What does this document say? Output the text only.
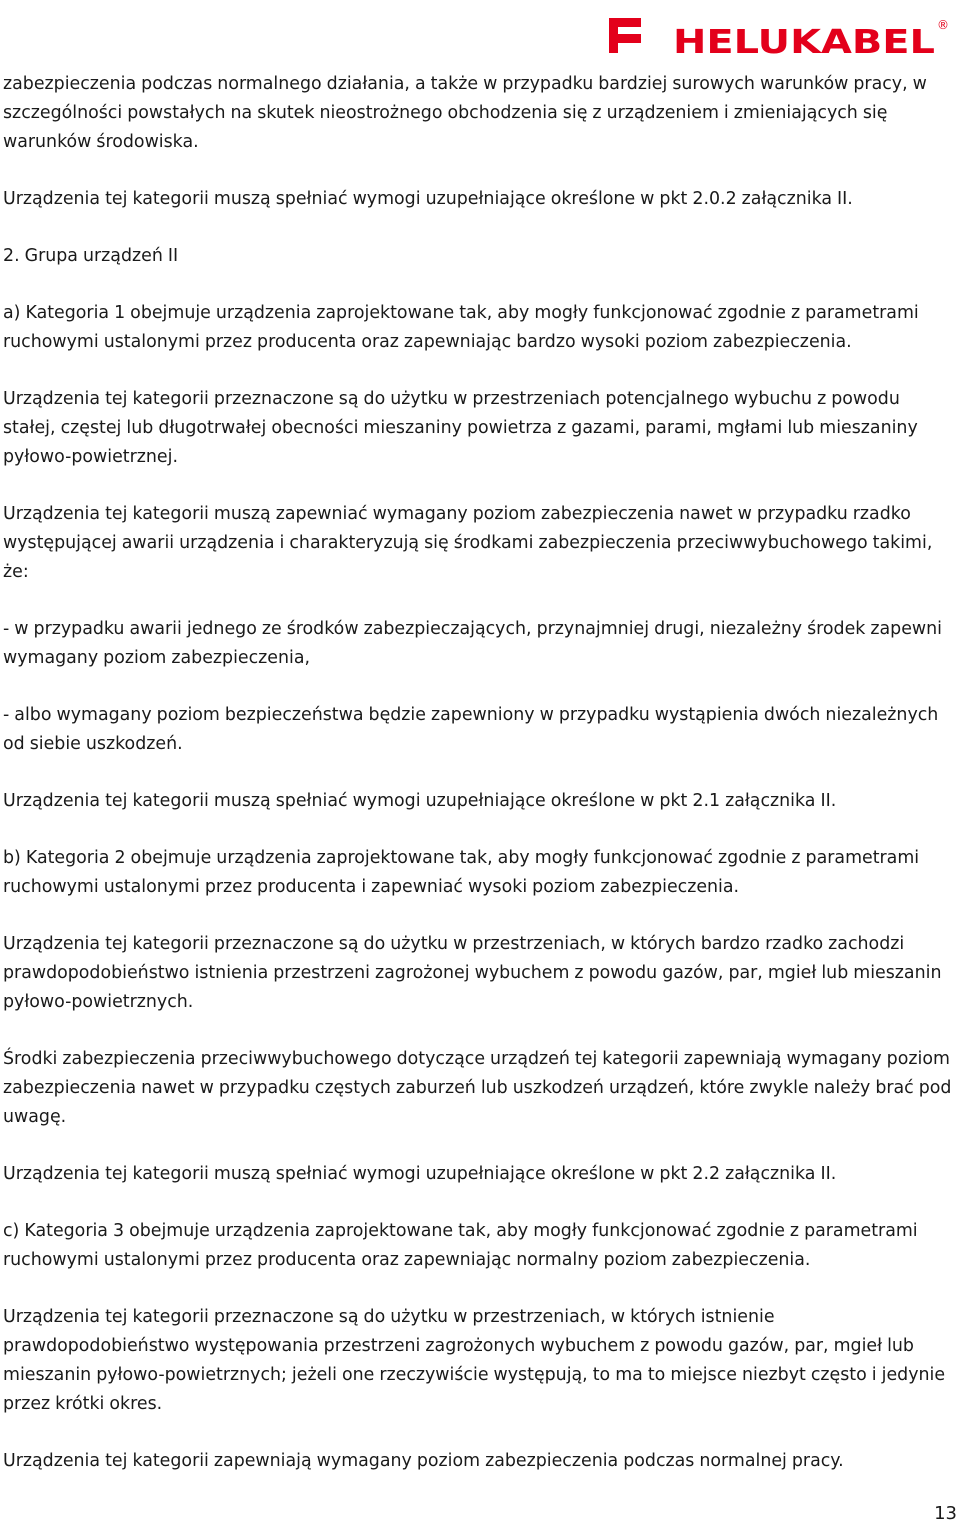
HELUKABEL ®

zabezpieczenia podczas normalnego działania, a także w przypadku bardziej surowych warunków pracy, w
szczególności powstałych na skutek nieostrożnego obchodzenia się z urządzeniem i zmieniających się
warunków środowiska.

Urządzenia tej kategorii muszą spełniać wymogi uzupełniające określone w pkt 2.0.2 załącznika II.

2. Grupa urządzeń II

a) Kategoria 1 obejmuje urządzenia zaprojektowane tak, aby mogły funkcjonować zgodnie z parametrami
ruchowymi ustalonymi przez producenta oraz zapewniając bardzo wysoki poziom zabezpieczenia.

Urządzenia tej kategorii przeznaczone są do użytku w przestrzeniach potencjalnego wybuchu z powodu
stałej, częstej lub długotrwałej obecności mieszaniny powietrza z gazami, parami, mgłami lub mieszaniny
pyłowo-powietrznej.

Urządzenia tej kategorii muszą zapewniać wymagany poziom zabezpieczenia nawet w przypadku rzadko
występującej awarii urządzenia i charakteryzują się środkami zabezpieczenia przeciwwybuchowego takimi,
że:

- w przypadku awarii jednego ze środków zabezpieczających, przynajmniej drugi, niezależny środek zapewni
wymagany poziom zabezpieczenia,

- albo wymagany poziom bezpieczeństwa będzie zapewniony w przypadku wystąpienia dwóch niezależnych
od siebie uszkodzeń.

Urządzenia tej kategorii muszą spełniać wymogi uzupełniające określone w pkt 2.1 załącznika II.

b) Kategoria 2 obejmuje urządzenia zaprojektowane tak, aby mogły funkcjonować zgodnie z parametrami
ruchowymi ustalonymi przez producenta i zapewniać wysoki poziom zabezpieczenia.

Urządzenia tej kategorii przeznaczone są do użytku w przestrzeniach, w których bardzo rzadko zachodzi
prawdopodobieństwo istnienia przestrzeni zagrożonej wybuchem z powodu gazów, par, mgieł lub mieszanin
pyłowo-powietrznych.

Środki zabezpieczenia przeciwwybuchowego dotyczące urządzeń tej kategorii zapewniają wymagany poziom
zabezpieczenia nawet w przypadku częstych zaburzeń lub uszkodzeń urządzeń, które zwykle należy brać pod
uwagę.

Urządzenia tej kategorii muszą spełniać wymogi uzupełniające określone w pkt 2.2 załącznika II.

c) Kategoria 3 obejmuje urządzenia zaprojektowane tak, aby mogły funkcjonować zgodnie z parametrami
ruchowymi ustalonymi przez producenta oraz zapewniając normalny poziom zabezpieczenia.

Urządzenia tej kategorii przeznaczone są do użytku w przestrzeniach, w których istnienie
prawdopodobieństwo występowania przestrzeni zagrożonych wybuchem z powodu gazów, par, mgieł lub
mieszanin pyłowo-powietrznych; jeżeli one rzeczywiście występują, to ma to miejsce niezbyt często i jedynie
przez krótki okres.

Urządzenia tej kategorii zapewniają wymagany poziom zabezpieczenia podczas normalnej pracy.

13
